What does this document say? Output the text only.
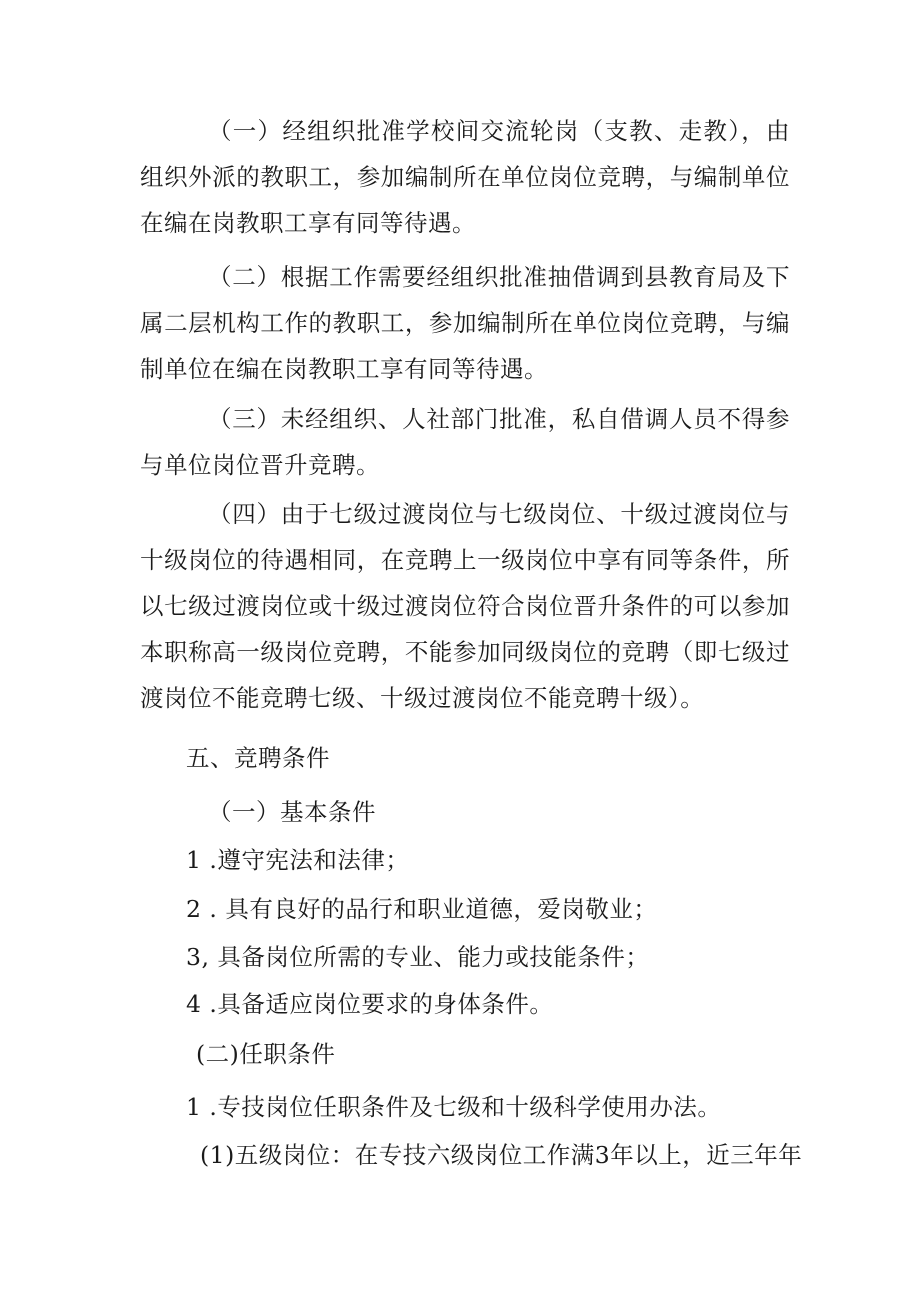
（一）经组织批准学校间交流轮岗（支教、走教），由组织外派的教职工，参加编制所在单位岗位竞聘，与编制单位在编在岗教职工享有同等待遇。

（二）根据工作需要经组织批准抽借调到县教育局及下属二层机构工作的教职工，参加编制所在单位岗位竞聘，与编制单位在编在岗教职工享有同等待遇。

（三）未经组织、人社部门批准，私自借调人员不得参与单位岗位晋升竞聘。

（四）由于七级过渡岗位与七级岗位、十级过渡岗位与十级岗位的待遇相同，在竞聘上一级岗位中享有同等条件，所以七级过渡岗位或十级过渡岗位符合岗位晋升条件的可以参加本职称高一级岗位竞聘，不能参加同级岗位的竞聘（即七级过渡岗位不能竞聘七级、十级过渡岗位不能竞聘十级）。

五、竞聘条件
（一）基本条件
1 .遵守宪法和法律；
2 . 具有良好的品行和职业道德，爱岗敬业；
3, 具备岗位所需的专业、能力或技能条件；
4 .具备适应岗位要求的身体条件。
(二)任职条件
1 .专技岗位任职条件及七级和十级科学使用办法。
(1)五级岗位：在专技六级岗位工作满3年以上，近三年年
